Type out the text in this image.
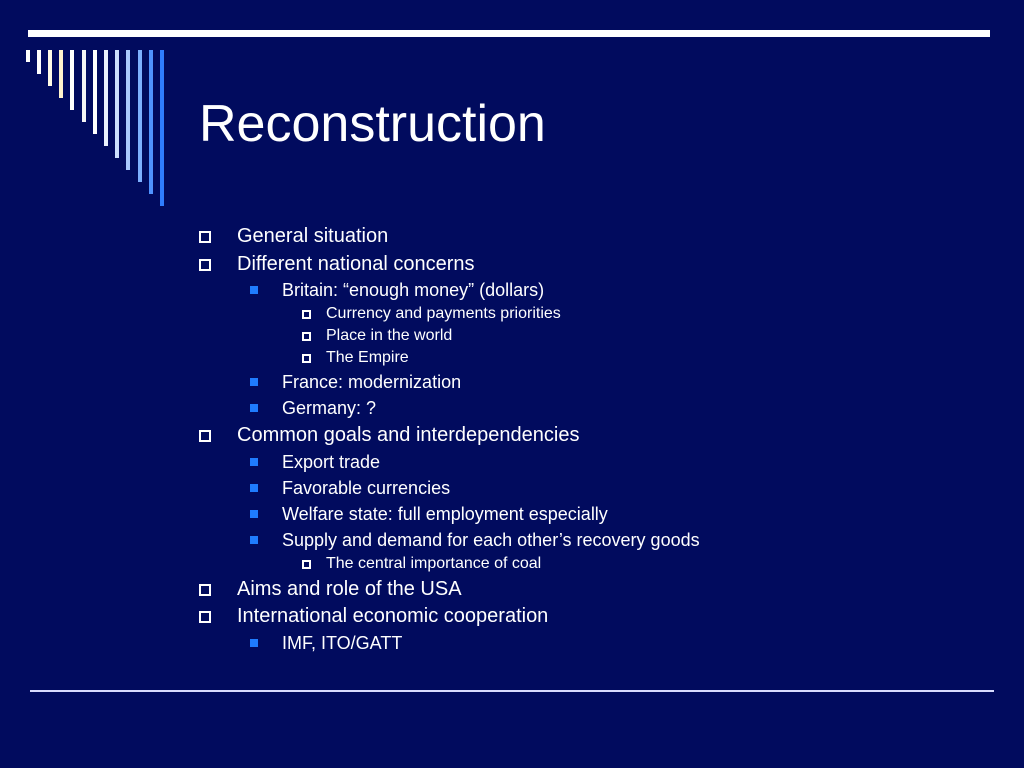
Reconstruction
General situation
Different national concerns
Britain: “enough money” (dollars)
Currency and payments priorities
Place in the world
The Empire
France: modernization
Germany: ?
Common goals and interdependencies
Export trade
Favorable currencies
Welfare state: full employment especially
Supply and demand for each other’s recovery goods
The central importance of coal
Aims and role of the USA
International economic cooperation
IMF, ITO/GATT
